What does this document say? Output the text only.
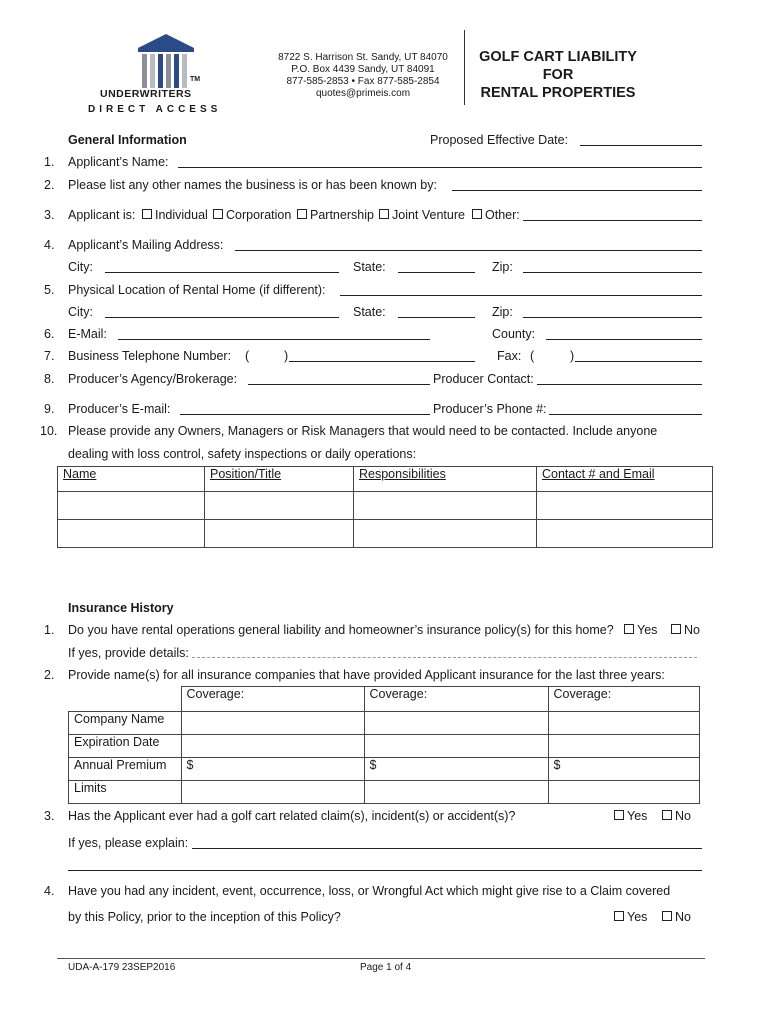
TM
UNDERWRITERS
DIRECT ACCESS
8722 S. Harrison St. Sandy, UT 84070
P.O. Box 4439 Sandy, UT 84091
877-585-2853 • Fax 877-585-2854
quotes@primeis.com
GOLF CART LIABILITY
FOR
RENTAL PROPERTIES
General Information	Proposed Effective Date:
1. Applicant’s Name:
2. Please list any other names the business is or has been known by:
3. Applicant is:	Individual	Corporation	Partnership	Joint Venture	Other:
4. Applicant’s Mailing Address:
City:	State:	Zip:
5. Physical Location of Rental Home (if different):
City:	State:	Zip:
6. E-Mail:	County:
7. Business Telephone Number: (	)	Fax: (	)
8. Producer’s Agency/Brokerage:	Producer Contact:
9. Producer’s E-mail:	Producer’s Phone #:
10. Please provide any Owners, Managers or Risk Managers that would need to be contacted. Include anyone
dealing with loss control, safety inspections or daily operations:
Name	Position/Title	Responsibilities	Contact # and Email

Insurance History
1. Do you have rental operations general liability and homeowner’s insurance policy(s) for this home?	Yes	No
If yes, provide details:
2. Provide name(s) for all insurance companies that have provided Applicant insurance for the last three years:
	Coverage:	Coverage:	Coverage:
Company Name			
Expiration Date			
Annual Premium	$	$	$
Limits			
3. Has the Applicant ever had a golf cart related claim(s), incident(s) or accident(s)?	Yes	No
If yes, please explain:
4. Have you had any incident, event, occurrence, loss, or Wrongful Act which might give rise to a Claim covered
by this Policy, prior to the inception of this Policy?	Yes	No
UDA-A-179 23SEP2016	Page 1 of 4
